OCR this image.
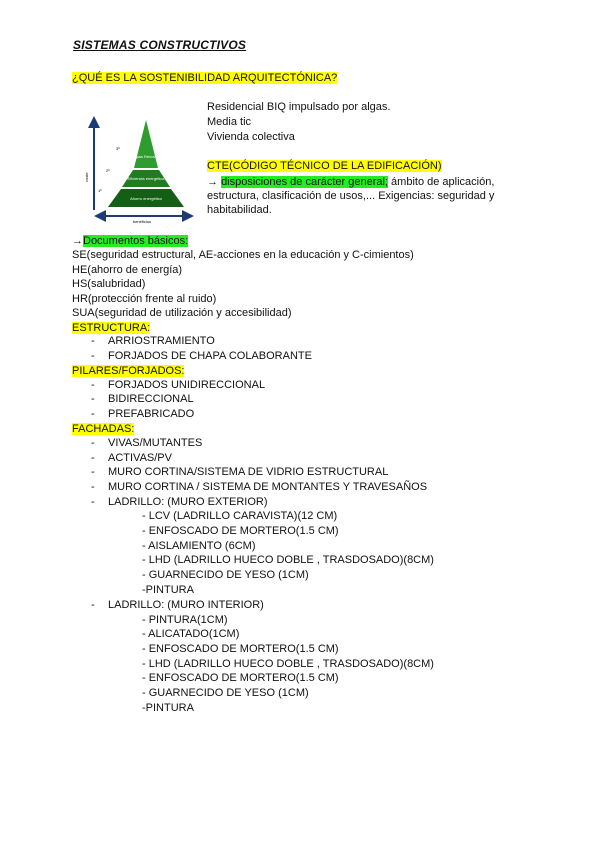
SISTEMAS CONSTRUCTIVOS
¿QUÉ ES LA SOSTENIBILIDAD ARQUITECTÓNICA?
Energías Renovables
Eficiencia energética
Ahorro energético
3º
2º
1º
coste
beneficios
Residencial BIQ impulsado por algas.
Media tic
Vivienda colectiva
CTE(CÓDIGO TÉCNICO DE LA EDIFICACIÓN)
→ disposiciones de carácter general; ámbito de aplicación, estructura, clasificación de usos,... Exigencias: seguridad y habitabilidad.
→Documentos básicos:
SE(seguridad estructural, AE-acciones en la educación y C-cimientos)
HE(ahorro de energía)
HS(salubridad)
HR(protección frente al ruido)
SUA(seguridad de utilización y accesibilidad)
ESTRUCTURA:
- ARRIOSTRAMIENTO
- FORJADOS DE CHAPA COLABORANTE
PILARES/FORJADOS:
- FORJADOS UNIDIRECCIONAL
- BIDIRECCIONAL
- PREFABRICADO
FACHADAS:
- VIVAS/MUTANTES
- ACTIVAS/PV
- MURO CORTINA/SISTEMA DE VIDRIO ESTRUCTURAL
- MURO CORTINA / SISTEMA DE MONTANTES Y TRAVESAÑOS
- LADRILLO: (MURO EXTERIOR)
- LCV (LADRILLO CARAVISTA)(12 CM)
- ENFOSCADO DE MORTERO(1.5 CM)
- AISLAMIENTO (6CM)
- LHD (LADRILLO HUECO DOBLE , TRASDOSADO)(8CM)
- GUARNECIDO DE YESO (1CM)
-PINTURA
- LADRILLO: (MURO INTERIOR)
- PINTURA(1CM)
- ALICATADO(1CM)
- ENFOSCADO DE MORTERO(1.5 CM)
- LHD (LADRILLO HUECO DOBLE , TRASDOSADO)(8CM)
- ENFOSCADO DE MORTERO(1.5 CM)
- GUARNECIDO DE YESO (1CM)
-PINTURA
